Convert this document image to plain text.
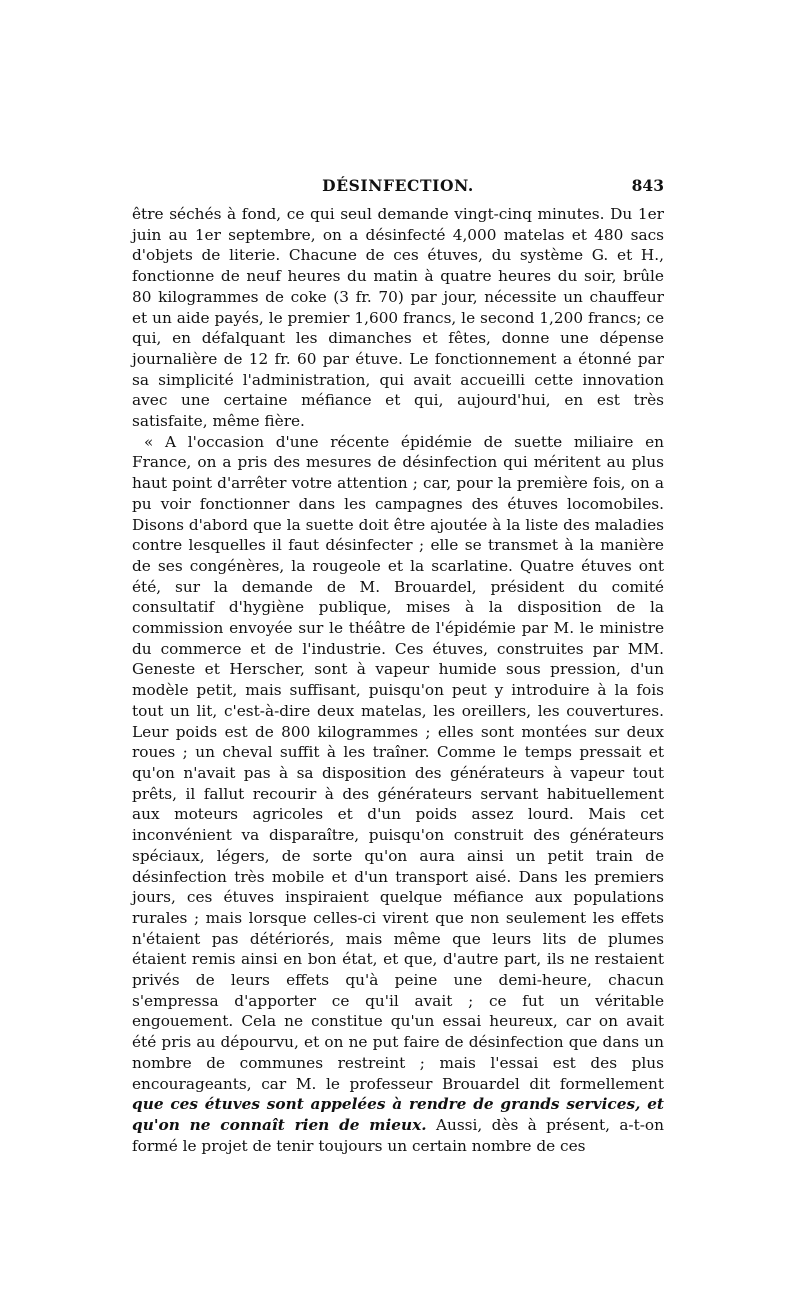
DÉSINFECTION.	843

être séchés à fond, ce qui seul demande vingt-cinq minutes. Du 1er juin au 1er septembre, on a désinfecté 4,000 matelas et 480 sacs d'objets de literie. Chacune de ces étuves, du système G. et H., fonctionne de neuf heures du matin à quatre heures du soir, brûle 80 kilogrammes de coke (3 fr. 70) par jour, nécessite un chauffeur et un aide payés, le premier 1,600 francs, le second 1,200 francs; ce qui, en défalquant les dimanches et fêtes, donne une dépense journalière de 12 fr. 60 par étuve. Le fonctionnement a étonné par sa simplicité l'administration, qui avait accueilli cette innovation avec une certaine méfiance et qui, aujourd'hui, en est très satisfaite, même fière.

« A l'occasion d'une récente épidémie de suette miliaire en France, on a pris des mesures de désinfection qui méritent au plus haut point d'arrêter votre attention ; car, pour la première fois, on a pu voir fonctionner dans les campagnes des étuves locomobiles. Disons d'abord que la suette doit être ajoutée à la liste des maladies contre lesquelles il faut désinfecter ; elle se transmet à la manière de ses congénères, la rougeole et la scarlatine. Quatre étuves ont été, sur la demande de M. Brouardel, président du comité consultatif d'hygiène publique, mises à la disposition de la commission envoyée sur le théâtre de l'épidémie par M. le ministre du commerce et de l'industrie. Ces étuves, construites par MM. Geneste et Herscher, sont à vapeur humide sous pression, d'un modèle petit, mais suffisant, puisqu'on peut y introduire à la fois tout un lit, c'est-à-dire deux matelas, les oreillers, les couvertures. Leur poids est de 800 kilogrammes ; elles sont montées sur deux roues ; un cheval suffit à les traîner. Comme le temps pressait et qu'on n'avait pas à sa disposition des générateurs à vapeur tout prêts, il fallut recourir à des générateurs servant habituellement aux moteurs agricoles et d'un poids assez lourd. Mais cet inconvénient va disparaître, puisqu'on construit des générateurs spéciaux, légers, de sorte qu'on aura ainsi un petit train de désinfection très mobile et d'un transport aisé. Dans les premiers jours, ces étuves inspiraient quelque méfiance aux populations rurales ; mais lorsque celles-ci virent que non seulement les effets n'étaient pas détériorés, mais même que leurs lits de plumes étaient remis ainsi en bon état, et que, d'autre part, ils ne restaient privés de leurs effets qu'à peine une demi-heure, chacun s'empressa d'apporter ce qu'il avait ; ce fut un véritable engouement. Cela ne constitue qu'un essai heureux, car on avait été pris au dépourvu, et on ne put faire de désinfection que dans un nombre de communes restreint ; mais l'essai est des plus encourageants, car M. le professeur Brouardel dit formellement que ces étuves sont appelées à rendre de grands services, et qu'on ne connaît rien de mieux. Aussi, dès à présent, a-t-on formé le projet de tenir toujours un certain nombre de ces
